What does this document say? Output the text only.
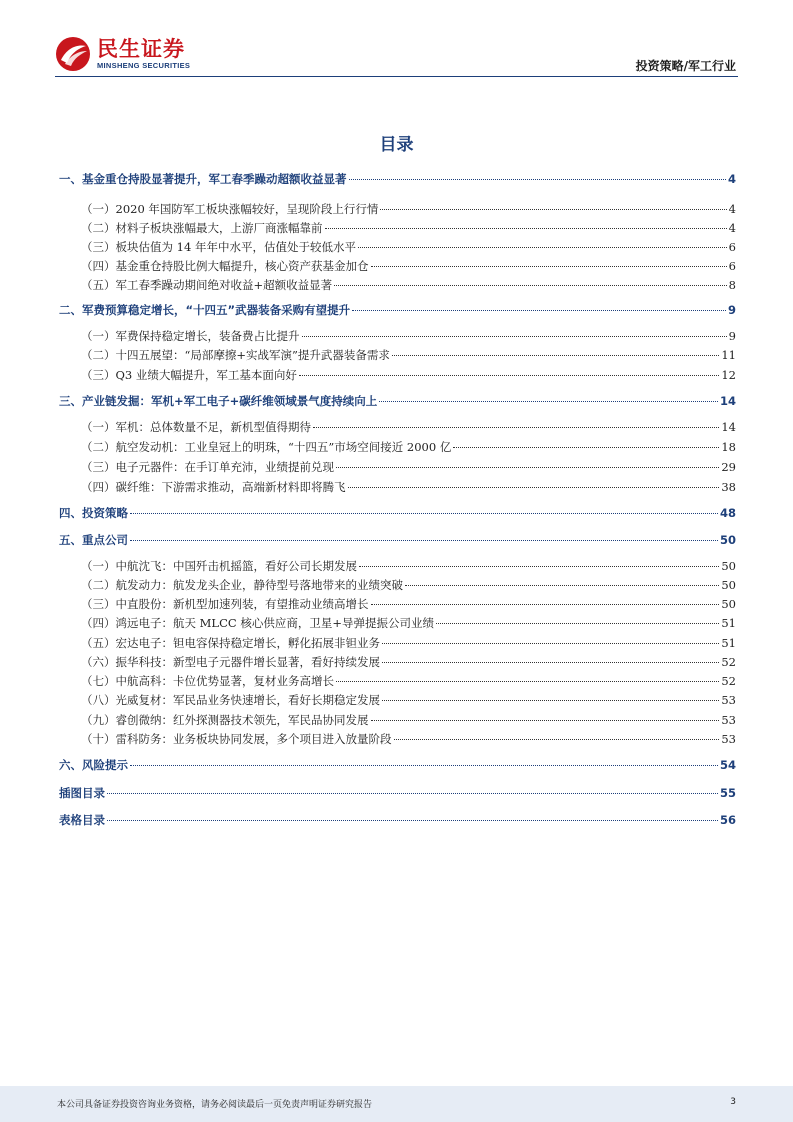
民生证券
MINSHENG SECURITIES	投资策略/军工行业
目录
一、基金重仓持股显著提升，军工春季躁动超额收益显著	4
（一）2020 年国防军工板块涨幅较好，呈现阶段上行行情	4
（二）材料子板块涨幅最大，上游厂商涨幅靠前	4
（三）板块估值为 14 年年中水平，估值处于较低水平	6
（四）基金重仓持股比例大幅提升，核心资产获基金加仓	6
（五）军工春季躁动期间绝对收益+超额收益显著	8
二、军费预算稳定增长，“十四五”武器装备采购有望提升	9
（一）军费保持稳定增长，装备费占比提升	9
（二）十四五展望：“局部摩擦+实战军演”提升武器装备需求	11
（三）Q3 业绩大幅提升，军工基本面向好	12
三、产业链发掘：军机+军工电子+碳纤维领域景气度持续向上	14
（一）军机：总体数量不足，新机型值得期待	14
（二）航空发动机：工业皇冠上的明珠，“十四五”市场空间接近 2000 亿	18
（三）电子元器件：在手订单充沛，业绩提前兑现	29
（四）碳纤维：下游需求推动，高端新材料即将腾飞	38
四、投资策略	48
五、重点公司	50
（一）中航沈飞：中国歼击机摇篮，看好公司长期发展	50
（二）航发动力：航发龙头企业，静待型号落地带来的业绩突破	50
（三）中直股份：新机型加速列装，有望推动业绩高增长	50
（四）鸿远电子：航天 MLCC 核心供应商，卫星+导弹提振公司业绩	51
（五）宏达电子：钽电容保持稳定增长，孵化拓展非钽业务	51
（六）振华科技：新型电子元器件增长显著，看好持续发展	52
（七）中航高科：卡位优势显著，复材业务高增长	52
（八）光威复材：军民品业务快速增长，看好长期稳定发展	53
（九）睿创微纳：红外探测器技术领先，军民品协同发展	53
（十）雷科防务：业务板块协同发展，多个项目进入放量阶段	53
六、风险提示	54
插图目录	55
表格目录	56
本公司具备证券投资咨询业务资格，请务必阅读最后一页免责声明证券研究报告	3
